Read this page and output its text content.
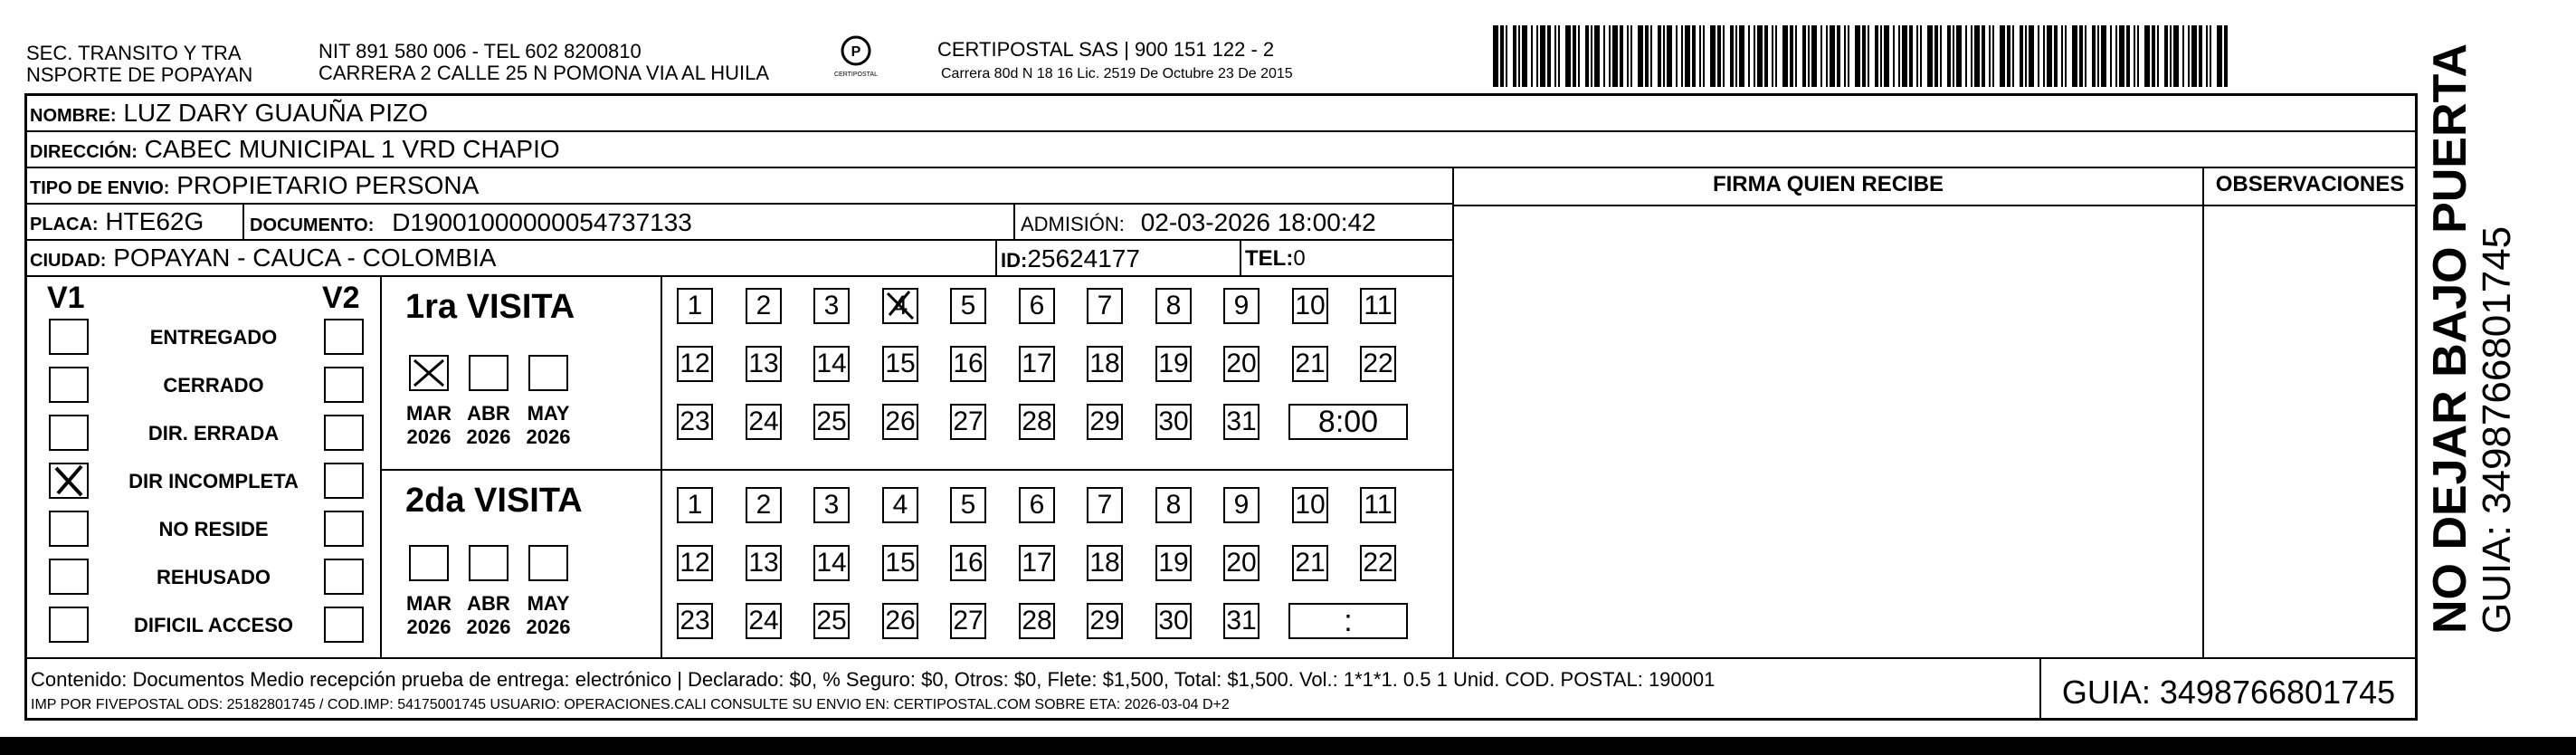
SEC. TRANSITO Y TRA
NSPORTE DE POPAYAN
NIT 891 580 006 - TEL 602 8200810
CARRERA 2 CALLE 25 N POMONA VIA AL HUILA
P
CERTIPOSTAL
CERTIPOSTAL SAS | 900 151 122 - 2
Carrera 80d N 18 16 Lic. 2519 De Octubre 23 De 2015
NOMBRE: LUZ DARY GUAUÑA PIZO
DIRECCIÓN: CABEC MUNICIPAL 1 VRD CHAPIO
TIPO DE ENVIO: PROPIETARIO PERSONA
PLACA: HTE62G	DOCUMENTO: D19001000000054737133	ADMISIÓN: 02-03-2026 18:00:42
CIUDAD: POPAYAN - CAUCA - COLOMBIA	ID:25624177	TEL:0
FIRMA QUIEN RECIBE	OBSERVACIONES
V1	V2
ENTREGADO
CERRADO
DIR. ERRADA
DIR INCOMPLETA
NO RESIDE
REHUSADO
DIFICIL ACCESO
1ra VISITA
MAR
2026
ABR
2026
MAY
2026
1	2	3	4	5	6	7	8	9	10 11
12 13 14 15 16 17 18 19 20 21 22
23 24 25 26 27 28 29 30 31	8:00
2da VISITA
MAR
2026
ABR
2026
MAY
2026
1	2	3	4	5	6	7	8	9	10 11
12 13 14 15 16 17 18 19 20 21 22
23 24 25 26 27 28 29 30 31	:
Contenido: Documentos Medio recepción prueba de entrega: electrónico | Declarado: $0, % Seguro: $0, Otros: $0, Flete: $1,500, Total: $1,500. Vol.: 1*1*1. 0.5 1 Unid. COD. POSTAL: 190001
IMP POR FIVEPOSTAL ODS: 25182801745 / COD.IMP: 54175001745 USUARIO: OPERACIONES.CALI CONSULTE SU ENVIO EN: CERTIPOSTAL.COM SOBRE ETA: 2026-03-04 D+2	GUIA: 3498766801745
NO DEJAR BAJO PUERTA
GUIA: 3498766801745
